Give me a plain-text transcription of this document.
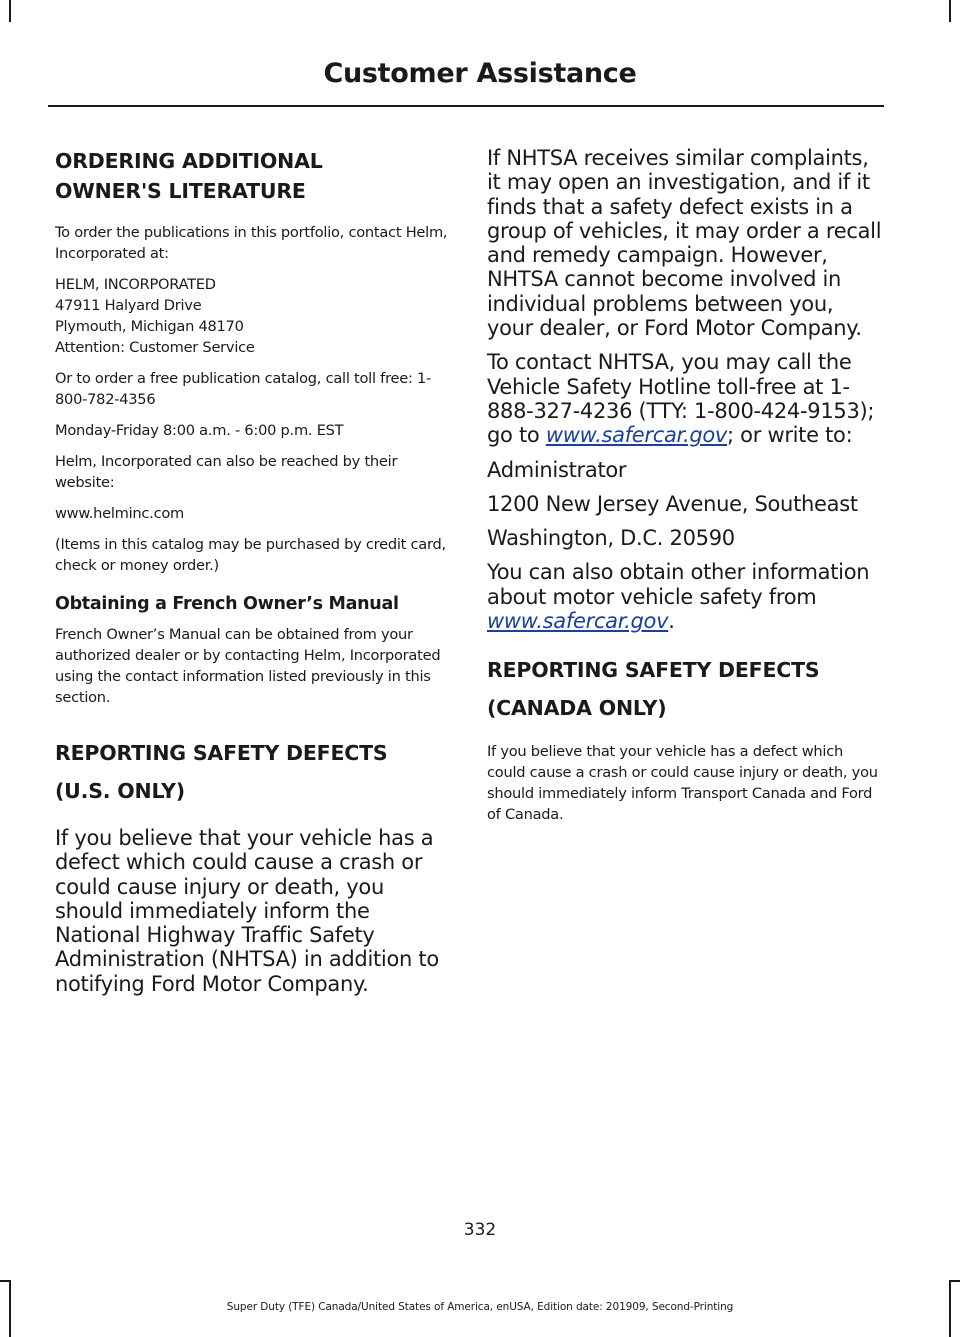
Customer Assistance
ORDERING ADDITIONAL
OWNER'S LITERATURE

To order the publications in this portfolio, contact Helm, Incorporated at:

HELM, INCORPORATED
47911 Halyard Drive
Plymouth, Michigan 48170
Attention: Customer Service

Or to order a free publication catalog, call toll free: 1-800-782-4356

Monday-Friday 8:00 a.m. - 6:00 p.m. EST

Helm, Incorporated can also be reached by their website:

www.helminc.com

(Items in this catalog may be purchased by credit card, check or money order.)

Obtaining a French Owner’s Manual

French Owner’s Manual can be obtained from your authorized dealer or by contacting Helm, Incorporated using the contact information listed previously in this section.

REPORTING SAFETY DEFECTS
(U.S. ONLY)

If you believe that your vehicle has a defect which could cause a crash or could cause injury or death, you should immediately inform the National Highway Traffic Safety Administration (NHTSA) in addition to notifying Ford Motor Company.

If NHTSA receives similar complaints, it may open an investigation, and if it finds that a safety defect exists in a group of vehicles, it may order a recall and remedy campaign. However, NHTSA cannot become involved in individual problems between you, your dealer, or Ford Motor Company.

To contact NHTSA, you may call the Vehicle Safety Hotline toll-free at 1-888-327-4236 (TTY: 1-800-424-9153); go to www.safercar.gov; or write to:

Administrator

1200 New Jersey Avenue, Southeast

Washington, D.C. 20590

You can also obtain other information about motor vehicle safety from www.safercar.gov.

REPORTING SAFETY DEFECTS
(CANADA ONLY)

If you believe that your vehicle has a defect which could cause a crash or could cause injury or death, you should immediately inform Transport Canada and Ford of Canada.

332
Super Duty (TFE) Canada/United States of America, enUSA, Edition date: 201909, Second-Printing
